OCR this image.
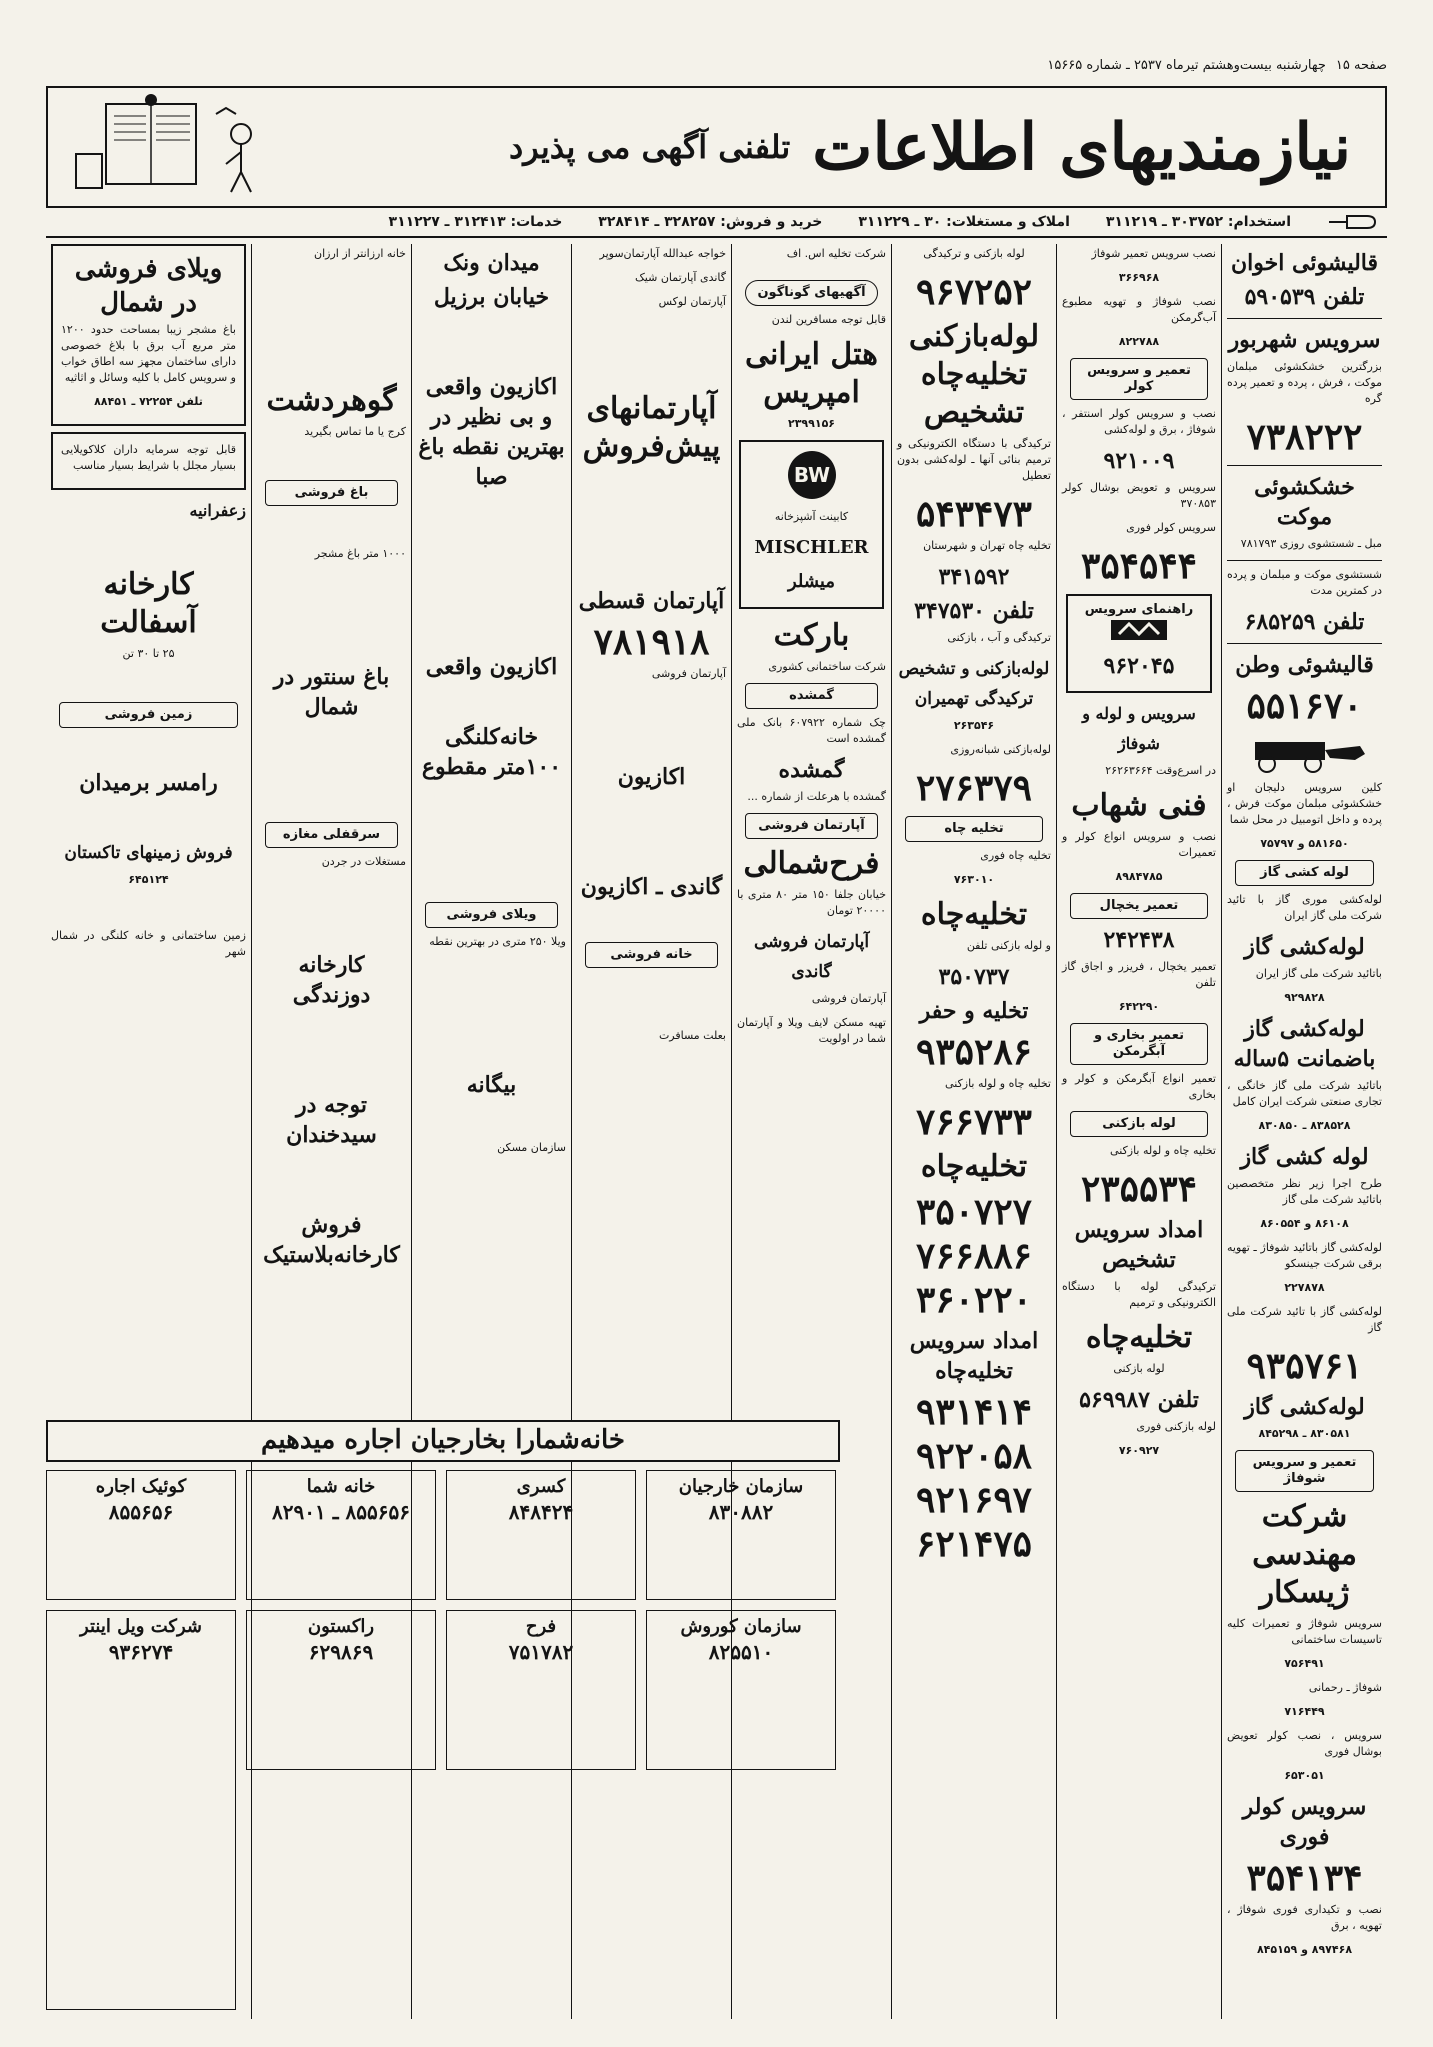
صفحه ۱۵
چهارشنبه بیست‌وهشتم تیرماه ۲۵۳۷ ـ شماره ۱۵۶۶۵
نیازمندیهای اطلاعات
تلفنی آگهی می پذیرد
استخدام: ۳۰۳۷۵۲ ـ ۳۱۱۲۱۹
املاک و مستغلات: ۳۰ ـ ۳۱۱۲۲۹
خرید و فروش: ۳۲۸۲۵۷ ـ ۳۲۸۴۱۴
خدمات: ۳۱۲۴۱۳ ـ ۳۱۱۲۲۷
قالیشوئی اخوان
تلفن ۵۹۰۵۳۹
سرویس شهربور
بزرگترین خشکشوئی مبلمان موکت ، فرش ، پرده و تعمیر پرده گره
۷۳۸۲۲۲
خشکشوئی موکت
مبل ـ شستشوی روزی ۷۸۱۷۹۳
شستشوی موکت و مبلمان و پرده در کمترین مدت
تلفن ۶۸۵۲۵۹
قالیشوئی وطن
۵۵۱۶۷۰
کلین سرویس دلیجان او خشکشوئی مبلمان موکت فرش ، پرده و داخل اتومبیل در محل شما
۵۸۱۶۵۰ و ۷۵۷۹۷
لوله کشی گاز
لوله‌کشی موری گاز با تائید شرکت ملی گاز ایران
لوله‌کشی گاز
باتائید شرکت ملی گاز ایران
۹۲۹۸۲۸
لوله‌کشی گاز باضمانت ۵ساله
باتائید شرکت ملی گاز خانگی ، تجاری صنعتی شرکت ایران کامل
۸۳۸۵۲۸ ـ ۸۳۰۸۵۰
لوله کشی گاز
طرح اجرا زیر نظر متخصصین باتائید شرکت ملی گاز
۸۶۱۰۸ و ۸۶۰۵۵۴
لوله‌کشی گاز باتائید شوفاژ ـ تهویه برقی شرکت جینسکو
۲۲۷۸۷۸
لوله‌کشی گاز با تائید شرکت ملی گاز
۹۳۵۷۶۱
لوله‌کشی گاز
۸۳۰۵۸۱ ـ ۸۴۵۲۹۸
تعمیر و سرویس شوفاژ
شرکت مهندسی ژیسکار
سرویس شوفاژ و تعمیرات کلیه تاسیسات ساختمانی
۷۵۶۴۹۱
شوفاژ ـ رحمانی
۷۱۶۴۴۹
سرویس ، نصب کولر تعویض بوشال فوری
۶۵۳۰۵۱
سرویس کولر فوری
۳۵۴۱۳۴
نصب و تکیداری فوری شوفاژ ، تهویه ، برق
۸۹۷۴۶۸ و ۸۴۵۱۵۹
نصب سرویس تعمیر شوفاژ
۳۶۶۹۶۸
نصب شوفاژ و تهویه مطبوع آب‌گرمکن
۸۲۲۷۸۸
تعمیر و سرویس کولر
نصب و سرویس کولر اسنتفر ، شوفاژ ، برق و لوله‌کشی
۹۲۱۰۰۹
سرویس و تعویض بوشال کولر ۳۷۰۸۵۳
سرویس کولر فوری
۳۵۴۵۴۴
راهنمای سرویس
۹۶۲۰۴۵
سرویس و لوله و شوفاژ
در اسرع‌وقت ۲۶۲۶۳۶۶۴
فنی شهاب
نصب و سرویس انواع کولر و تعمیرات
۸۹۸۴۷۸۵
تعمیر یخچال
۲۴۲۴۳۸
تعمیر یخچال ، فریزر و اجاق گاز تلفن
۶۴۲۲۹۰
تعمیر بخاری و آبگرمکن
تعمیر انواع آبگرمکن و کولر و بخاری
لوله بازکنی
تخلیه چاه و لوله بازکنی
۲۳۵۵۳۴
امداد سرویس تشخیص
ترکیدگی لوله با دستگاه الکترونیکی و ترمیم
تخلیه‌چاه
لوله بازکنی
تلفن ۵۶۹۹۸۷
لوله بازکنی فوری
۷۶۰۹۲۷
لوله بازکنی و ترکیدگی
۹۶۷۲۵۲
لوله‌بازکنی تخلیه‌چاه تشخیص
ترکیدگی با دستگاه الکترونیکی و ترمیم بنائی آنها ـ لوله‌کشی بدون تعطیل
۵۴۳۴۷۳
تخلیه چاه تهران و شهرستان
۳۴۱۵۹۲
تلفن ۳۴۷۵۳۰
ترکیدگی و آب ، بازکنی
لوله‌بازکنی و تشخیص ترکیدگی تهمیران
۲۶۳۵۴۶
لوله‌بازکنی شبانه‌روزی
۲۷۶۳۷۹
تخلیه چاه
تخلیه چاه فوری
۷۶۳۰۱۰
تخلیه‌چاه
و لوله بازکنی تلفن
۳۵۰۷۳۷
تخلیه و حفر
۹۳۵۲۸۶
تخلیه چاه و لوله بازکنی
۷۶۶۷۳۳
تخلیه‌چاه
۳۵۰۷۲۷
۷۶۶۸۸۶
۳۶۰۲۲۰
امداد سرویس تخلیه‌چاه
۹۳۱۴۱۴
۹۲۲۰۵۸
۹۲۱۶۹۷
۶۲۱۴۷۵
شرکت تخلیه اس. اف
آگهیهای گوناگون
قابل توجه مسافرین لندن
هتل ایرانی امپریس
۲۳۹۹۱۵۶
BW
کابینت آشپزخانه
MISCHLER
میشلر
بارکت
شرکت ساختمانی کشوری
گمشده
چک شماره ۶۰۷۹۲۲ بانک ملی گمشده است
گمشده
گمشده با هرعلت از شماره ...
آپارتمان فروشی
فرح‌شمالی
خیابان جلفا ۱۵۰ متر ۸۰ متری با ۲۰۰۰۰ تومان
آپارتمان فروشی گاندی
آپارتمان فروشی
تهیه مسکن لایف ویلا و آپارتمان شما در اولویت
خواجه عبدالله آپارتمان‌سوپر
گاندی آپارتمان شیک
آپارتمان لوکس
آپارتمانهای پیش‌فروش
آپارتمان قسطی
۷۸۱۹۱۸
آپارتمان فروشی
اکازیون
گاندی ـ اکازیون
خانه فروشی
بعلت مسافرت
میدان ونک
خیابان برزیل
اکازیون واقعی و بی نظیر در بهترین نقطه باغ صبا
اکازیون واقعی
خانه‌کلنگی ۱۰۰متر مقطوع
ویلای فروشی
ویلا ۲۵۰ متری در بهترین نقطه
بیگانه
سازمان مسکن
خانه ارزانتر از ارزان
گوهردشت
کرج یا ما تماس بگیرید
باغ فروشی
۱۰۰۰ متر باغ مشجر
باغ سنتور در شمال
سرقفلی مغازه
مستغلات در جردن
کارخانه دوزندگی
توجه در سیدخندان
فروش کارخانه‌بلاستیک
ویلای فروشی در شمال
باغ مشجر زیبا بمساحت حدود ۱۲۰۰ متر مربع آب برق با بلاغ خصوصی دارای ساختمان مجهز سه اطاق خواب و سرویس کامل با کلیه وسائل و اثاثیه
تلفن ۷۲۲۵۴ ـ ۸۸۴۵۱
قابل توجه سرمایه داران کلاکویلایی بسیار مجلل با شرایط بسیار مناسب
زعفرانیه
کارخانه آسفالت
۲۵ تا ۳۰ تن
زمین فروشی
رامسر برمیدان
فروش زمینهای تاکستان
۶۴۵۱۲۴
زمین ساختمانی و خانه کلنگی در شمال شهر
خانه‌شمارا بخارجیان اجاره میدهیم
سازمان خارجیان
۸۳۰۸۸۲
کسری
۸۴۸۴۲۴
خانه شما
۸۵۵۶۵۶ ـ ۸۲۹۰۱
کوئیک اجاره
۸۵۵۶۵۶
سازمان کوروش
۸۲۵۵۱۰
فرح
۷۵۱۷۸۲
راکستون
۶۲۹۸۶۹
شرکت ویل اینتر
۹۳۶۲۷۴
